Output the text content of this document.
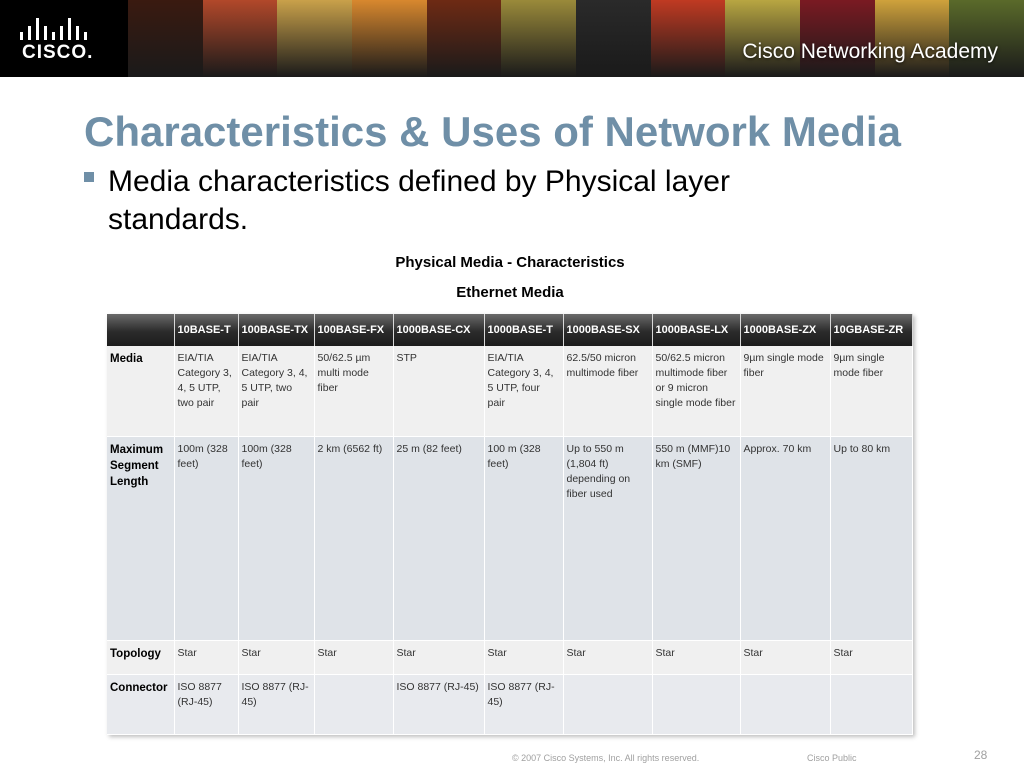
CISCO.	Cisco Networking Academy
Characteristics & Uses of Network Media
Media characteristics defined by Physical layer standards.
Physical Media - Characteristics
Ethernet Media
	10BASE-T	100BASE-TX	100BASE-FX	1000BASE-CX	1000BASE-T	1000BASE-SX	1000BASE-LX	1000BASE-ZX	10GBASE-ZR
Media	EIA/TIA Category 3, 4, 5 UTP, two pair	EIA/TIA Category 3, 4, 5 UTP, two pair	50/62.5 µm multi mode fiber	STP	EIA/TIA Category 3, 4, 5 UTP, four pair	62.5/50 micron multimode fiber	50/62.5 micron multimode fiber or 9 micron single mode fiber	9µm single mode fiber	9µm single mode fiber
Maximum Segment Length	100m (328 feet)	100m (328 feet)	2 km (6562 ft)	25 m (82 feet)	100 m (328 feet)	Up to 550 m (1,804 ft) depending on fiber used	550 m (MMF)10 km (SMF)	Approx. 70 km	Up to 80 km
Topology	Star	Star	Star	Star	Star	Star	Star	Star	Star
Connector	ISO 8877 (RJ-45)	ISO 8877 (RJ-45)		ISO 8877 (RJ-45)	ISO 8877 (RJ-45)				
© 2007 Cisco Systems, Inc. All rights reserved.	Cisco Public	28
